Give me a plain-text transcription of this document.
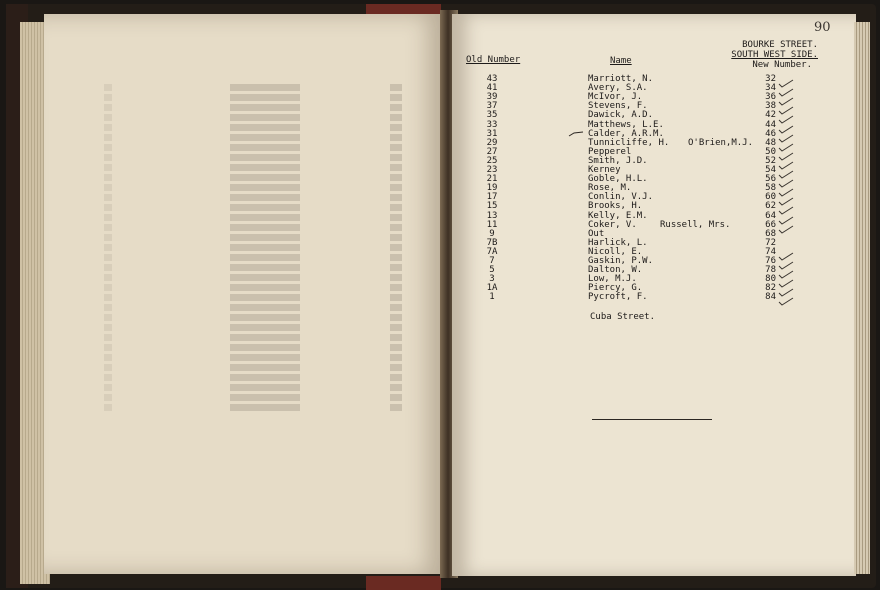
90
BOURKE STREET.
SOUTH WEST SIDE.
New Number.
Old Number	Name
43	Marriott, N.	32
41	Avery, S.A.	34
39	McIvor, J.	36
37	Stevens, F.	38
35	Dawick, A.D.	42
33	Matthews, L.E.	44
31	Calder, A.R.M.	46
29	Tunnicliffe, H. O'Brien,M.J.	48
27	Pepperel	50
25	Smith, J.D.	52
23	Kerney	54
21	Goble, H.L.	56
19	Rose, M.	58
17	Conlin, V.J.	60
15	Brooks, H.	62
13	Kelly, E.M.	64
11	Coker, V.	Russell, Mrs.	66
9	Out	68
7B	Harlick, L.	72
7A	Nicoll, E.	74
7	Gaskin, P.W.	76
5	Dalton, W.	78
3	Low, M.J.	80
1A	Piercy, G.	82
1	Pycroft, F.	84
Cuba Street.
